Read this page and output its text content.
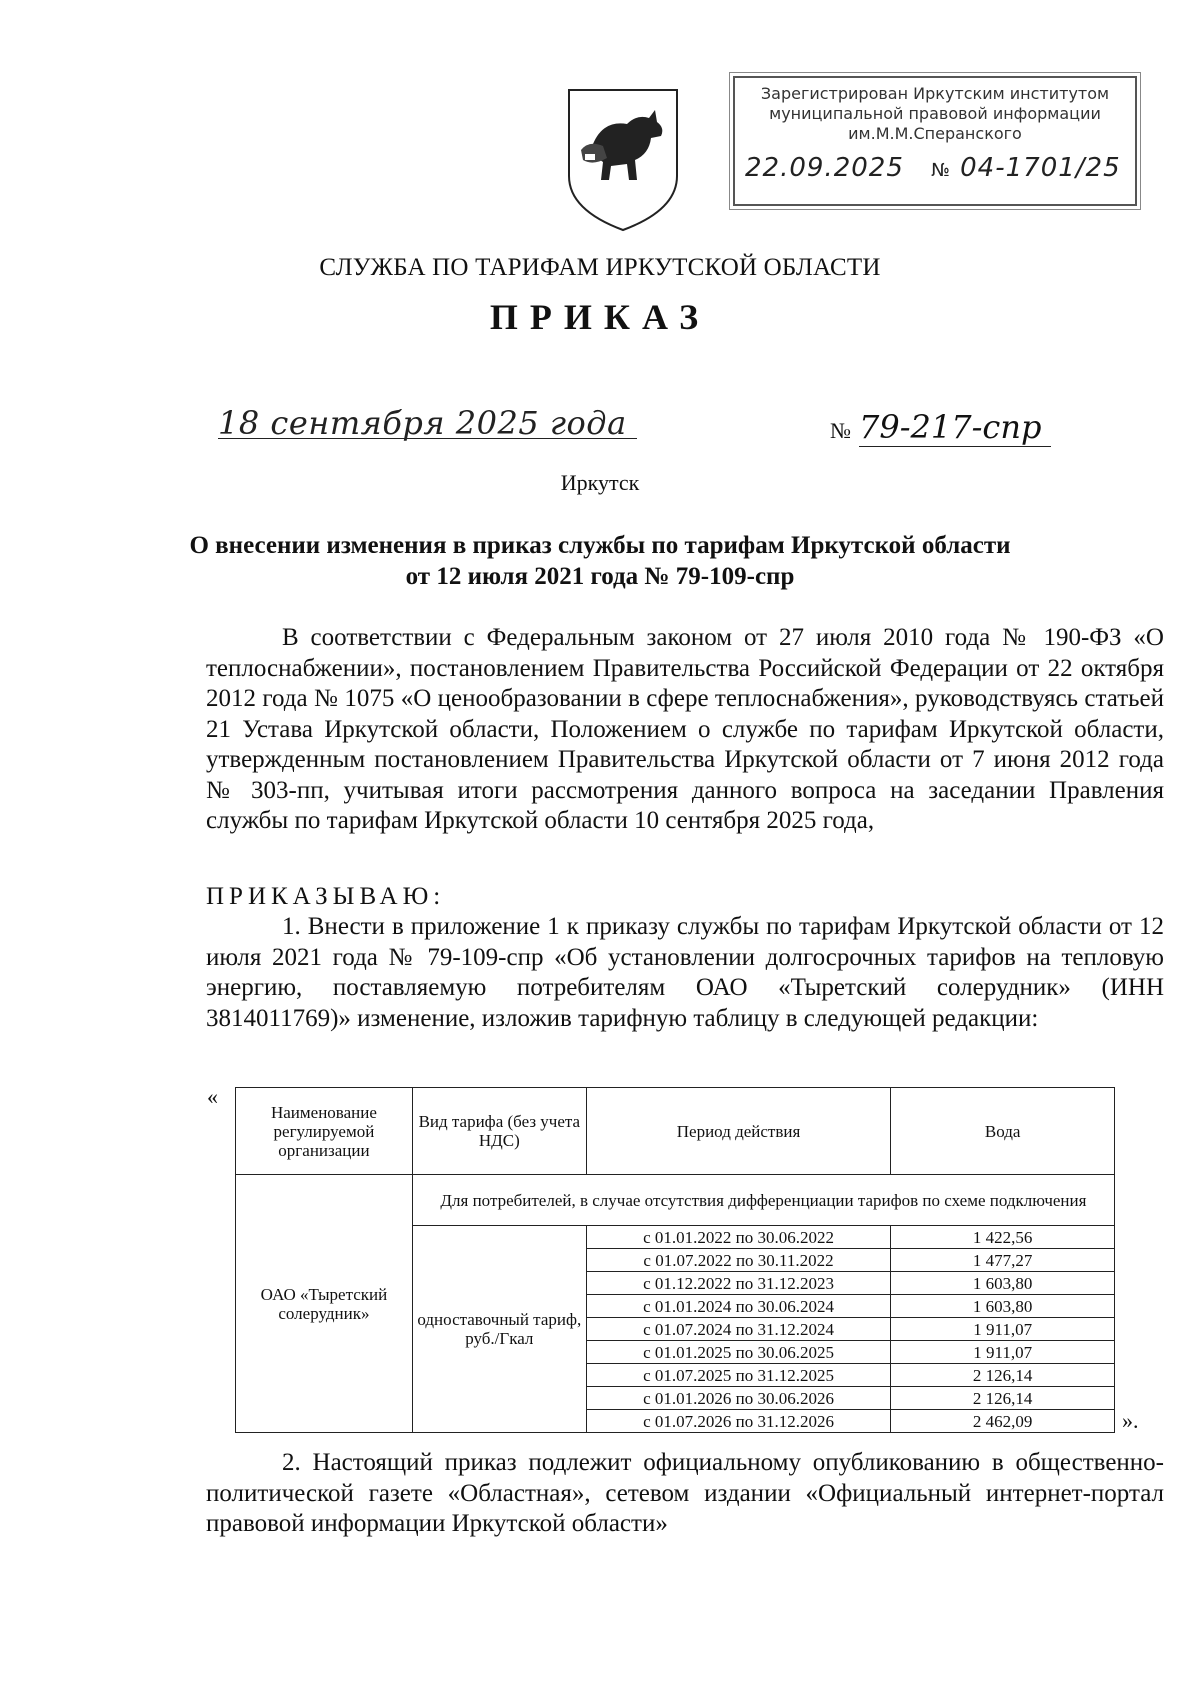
Зарегистрирован Иркутским институтом
муниципальной правовой информации
им.М.М.Сперанского
22.09.2025 № 04-1701/25
СЛУЖБА ПО ТАРИФАМ ИРКУТСКОЙ ОБЛАСТИ
ПРИКАЗ
18 сентября 2025 года	№ 79-217-спр
Иркутск
О внесении изменения в приказ службы по тарифам Иркутской области
от 12 июля 2021 года № 79-109-спр
В соответствии с Федеральным законом от 27 июля 2010 года № 190-ФЗ «О теплоснабжении», постановлением Правительства Российской Федерации от 22 октября 2012 года № 1075 «О ценообразовании в сфере теплоснабжения», руководствуясь статьей 21 Устава Иркутской области, Положением о службе по тарифам Иркутской области, утвержденным постановлением Правительства Иркутской области от 7 июня 2012 года № 303-пп, учитывая итоги рассмотрения данного вопроса на заседании Правления службы по тарифам Иркутской области 10 сентября 2025 года,
ПРИКАЗЫВАЮ:
1. Внести в приложение 1 к приказу службы по тарифам Иркутской области от 12 июля 2021 года № 79-109-спр «Об установлении долгосрочных тарифов на тепловую энергию, поставляемую потребителям ОАО «Тыретский солерудник» (ИНН 3814011769)» изменение, изложив тарифную таблицу в следующей редакции:
«
Наименование регулируемой организации	Вид тарифа (без учета НДС)	Период действия	Вода
ОАО «Тыретский солерудник»	Для потребителей, в случае отсутствия дифференциации тарифов по схеме подключения		
	одноставочный тариф, руб./Гкал	с 01.01.2022 по 30.06.2022	1 422,56
		с 01.07.2022 по 30.11.2022	1 477,27
		с 01.12.2022 по 31.12.2023	1 603,80
		с 01.01.2024 по 30.06.2024	1 603,80
		с 01.07.2024 по 31.12.2024	1 911,07
		с 01.01.2025 по 30.06.2025	1 911,07
		с 01.07.2025 по 31.12.2025	2 126,14
		с 01.01.2026 по 30.06.2026	2 126,14
		с 01.07.2026 по 31.12.2026	2 462,09	».
2. Настоящий приказ подлежит официальному опубликованию в общественно-политической газете «Областная», сетевом издании «Официальный интернет-портал правовой информации Иркутской области»
